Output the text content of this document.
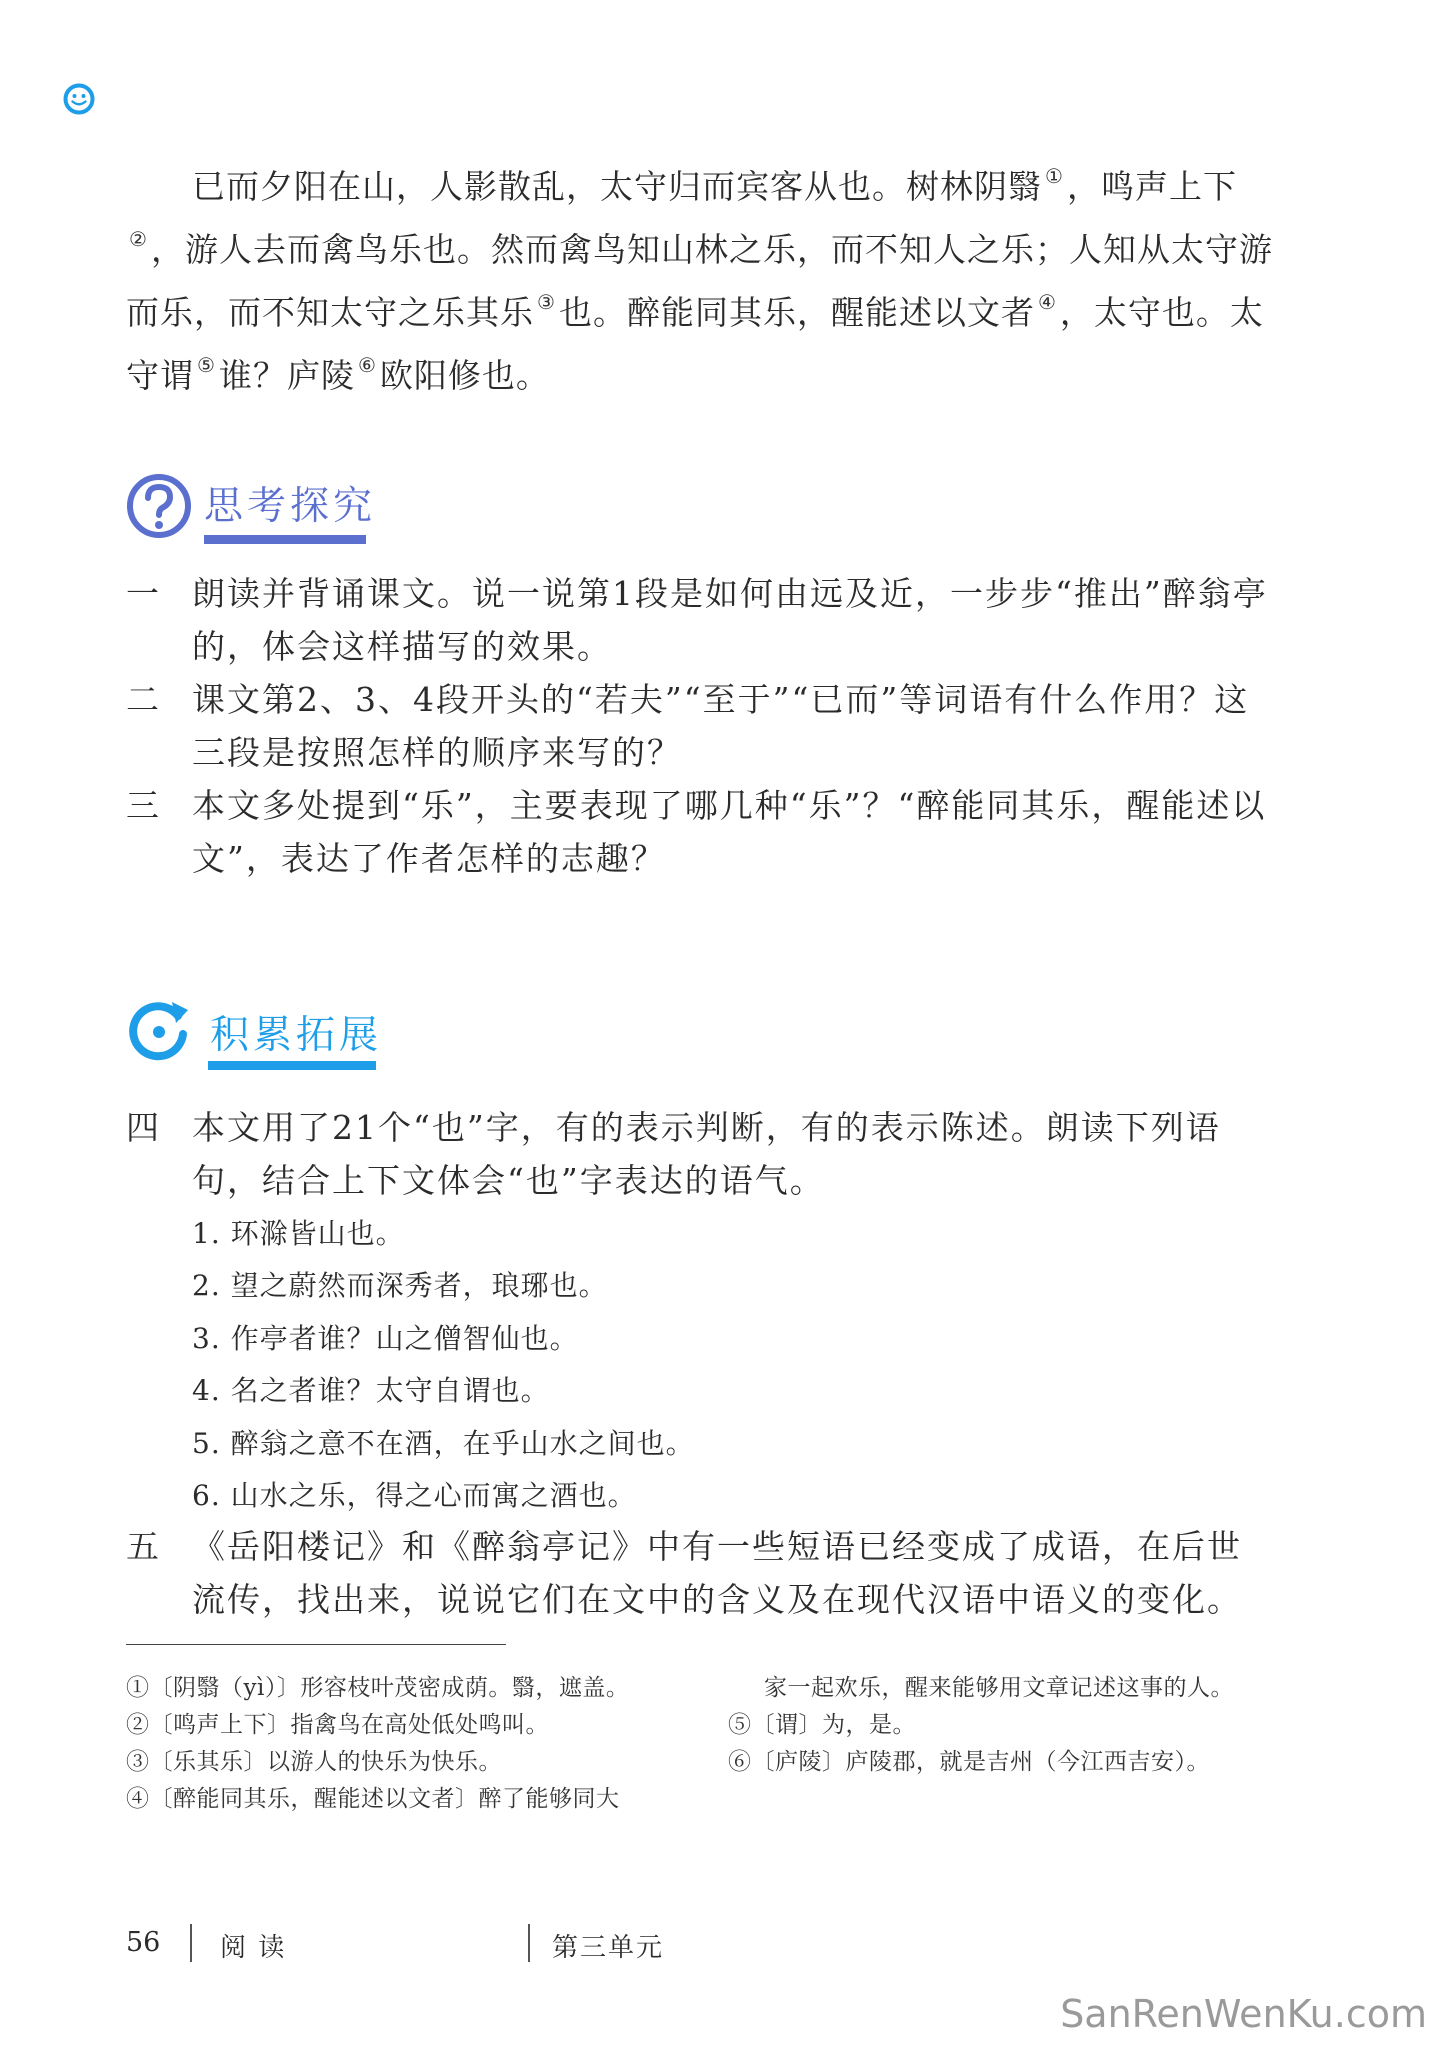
已而夕阳在山，人影散乱，太守归而宾客从也。树林阴翳 ①，鸣声上下②，游人去而禽鸟乐也。然而禽鸟知山林之乐，而不知人之乐；人知从太守游而乐，而不知太守之乐其乐 ③也。醉能同其乐，醒能述以文者 ④，太守也。太守谓 ⑤谁？庐陵 ⑥欧阳修也。

思考探究
一 朗读并背诵课文。说一说第1段是如何由远及近，一步步“推出”醉翁亭的，体会这样描写的效果。
二 课文第2、3、4段开头的“若夫”“至于”“已而”等词语有什么作用？这三段是按照怎样的顺序来写的？
三 本文多处提到“乐”，主要表现了哪几种“乐”？“醉能同其乐，醒能述以文”，表达了作者怎样的志趣？
积累拓展
四 本文用了21个“也”字，有的表示判断，有的表示陈述。朗读下列语句，结合上下文体会“也”字表达的语气。
1. 环滁皆山也。
2. 望之蔚然而深秀者，琅琊也。
3. 作亭者谁？山之僧智仙也。
4. 名之者谁？太守自谓也。
5. 醉翁之意不在酒，在乎山水之间也。
6. 山水之乐，得之心而寓之酒也。
五 《岳阳楼记》和《醉翁亭记》中有一些短语已经变成了成语，在后世流传，找出来，说说它们在文中的含义及在现代汉语中语义的变化。
①〔阴翳（yì）〕形容枝叶茂密成荫。翳，遮盖。
②〔鸣声上下〕指禽鸟在高处低处鸣叫。
③〔乐其乐〕以游人的快乐为快乐。
④〔醉能同其乐，醒能述以文者〕醉了能够同大
家一起欢乐，醒来能够用文章记述这事的人。
⑤〔谓〕为，是。
⑥〔庐陵〕庐陵郡，就是吉州（今江西吉安）。
56 阅 读	第三单元
SanRenWenKu.com
